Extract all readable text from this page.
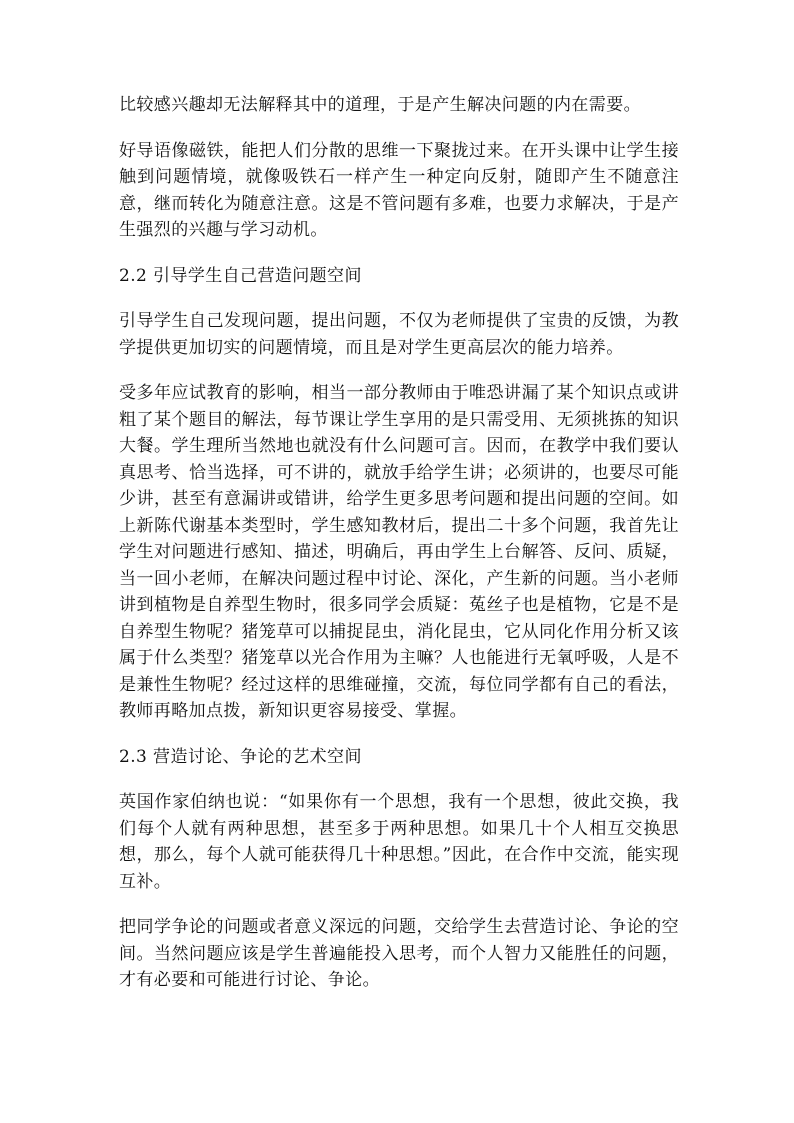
比较感兴趣却无法解释其中的道理，于是产生解决问题的内在需要。

好导语像磁铁，能把人们分散的思维一下聚拢过来。在开头课中让学生接触到问题情境，就像吸铁石一样产生一种定向反射，随即产生不随意注意，继而转化为随意注意。这是不管问题有多难，也要力求解决，于是产生强烈的兴趣与学习动机。

2.2 引导学生自己营造问题空间

引导学生自己发现问题，提出问题，不仅为老师提供了宝贵的反馈，为教学提供更加切实的问题情境，而且是对学生更高层次的能力培养。

受多年应试教育的影响，相当一部分教师由于唯恐讲漏了某个知识点或讲粗了某个题目的解法，每节课让学生享用的是只需受用、无须挑拣的知识大餐。学生理所当然地也就没有什么问题可言。因而，在教学中我们要认真思考、恰当选择，可不讲的，就放手给学生讲；必须讲的，也要尽可能少讲，甚至有意漏讲或错讲，给学生更多思考问题和提出问题的空间。如上新陈代谢基本类型时，学生感知教材后，提出二十多个问题，我首先让学生对问题进行感知、描述，明确后，再由学生上台解答、反问、质疑，当一回小老师，在解决问题过程中讨论、深化，产生新的问题。当小老师讲到植物是自养型生物时，很多同学会质疑：菟丝子也是植物，它是不是自养型生物呢？猪笼草可以捕捉昆虫，消化昆虫，它从同化作用分析又该属于什么类型？猪笼草以光合作用为主嘛？人也能进行无氧呼吸，人是不是兼性生物呢？经过这样的思维碰撞，交流，每位同学都有自己的看法，教师再略加点拨，新知识更容易接受、掌握。

2.3 营造讨论、争论的艺术空间

英国作家伯纳也说：“如果你有一个思想，我有一个思想，彼此交换，我们每个人就有两种思想，甚至多于两种思想。如果几十个人相互交换思想，那么，每个人就可能获得几十种思想。”因此，在合作中交流，能实现互补。

把同学争论的问题或者意义深远的问题，交给学生去营造讨论、争论的空间。当然问题应该是学生普遍能投入思考，而个人智力又能胜任的问题，才有必要和可能进行讨论、争论。
